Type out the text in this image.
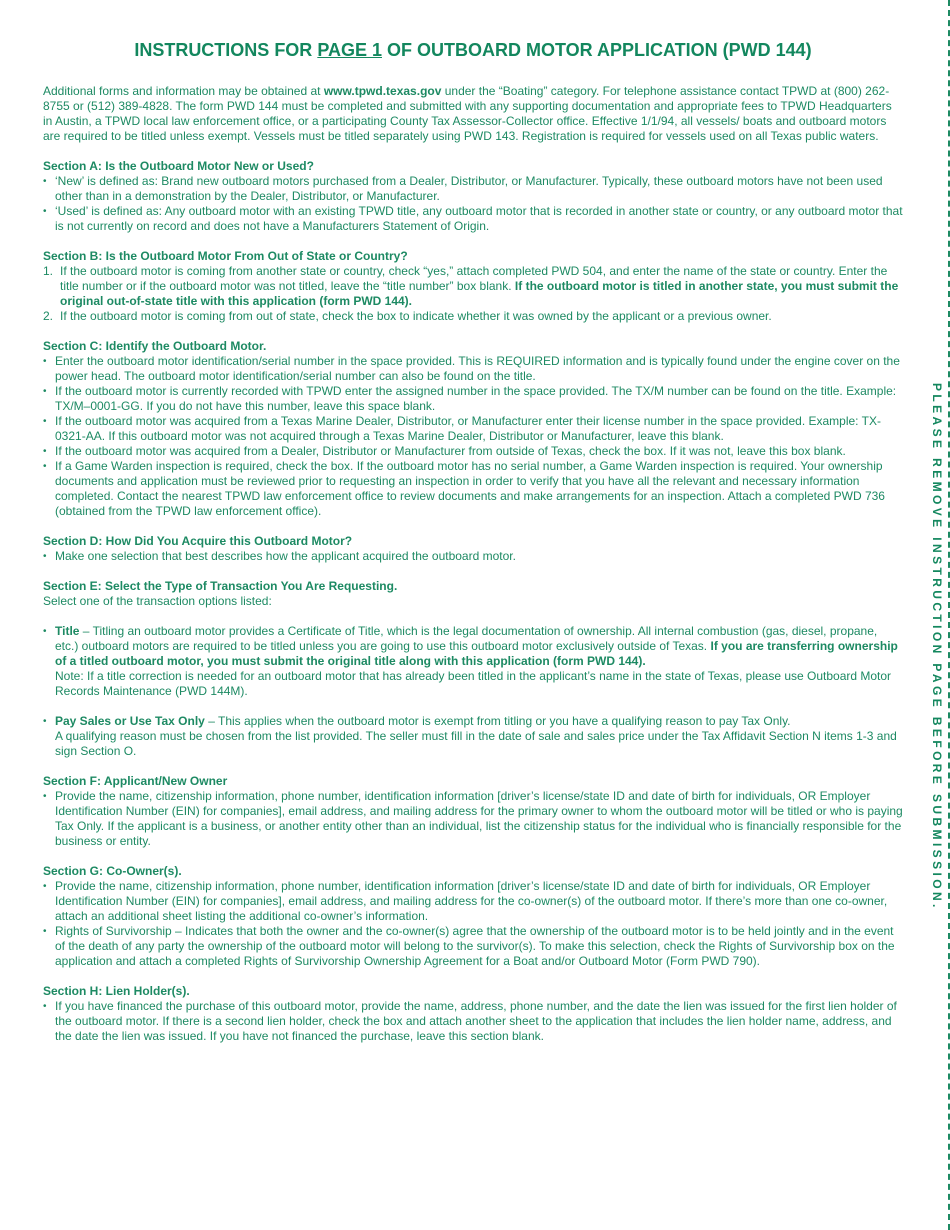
INSTRUCTIONS FOR PAGE 1 OF OUTBOARD MOTOR APPLICATION (PWD 144)

Additional forms and information may be obtained at www.tpwd.texas.gov under the “Boating” category. For telephone assistance contact TPWD at (800) 262-8755 or (512) 389-4828. The form PWD 144 must be completed and submitted with any supporting documentation and appropriate fees to TPWD Headquarters in Austin, a TPWD local law enforcement office, or a participating County Tax Assessor-Collector office. Effective 1/1/94, all vessels/ boats and outboard motors are required to be titled unless exempt. Vessels must be titled separately using PWD 143. Registration is required for vessels used on all Texas public waters.

Section A: Is the Outboard Motor New or Used?
• ‘New’ is defined as: Brand new outboard motors purchased from a Dealer, Distributor, or Manufacturer. Typically, these outboard motors have not been used other than in a demonstration by the Dealer, Distributor, or Manufacturer.
• ‘Used’ is defined as: Any outboard motor with an existing TPWD title, any outboard motor that is recorded in another state or country, or any outboard motor that is not currently on record and does not have a Manufacturers Statement of Origin.
Section B: Is the Outboard Motor From Out of State or Country?
1. If the outboard motor is coming from another state or country, check “yes,” attach completed PWD 504, and enter the name of the state or country. Enter the title number or if the outboard motor was not titled, leave the “title number” box blank. If the outboard motor is titled in another state, you must submit the original out-of-state title with this application (form PWD 144).
2. If the outboard motor is coming from out of state, check the box to indicate whether it was owned by the applicant or a previous owner.
Section C: Identify the Outboard Motor.
• Enter the outboard motor identification/serial number in the space provided. This is REQUIRED information and is typically found under the engine cover on the power head. The outboard motor identification/serial number can also be found on the title.
• If the outboard motor is currently recorded with TPWD enter the assigned number in the space provided. The TX/M number can be found on the title. Example: TX/M–0001-GG. If you do not have this number, leave this space blank.
• If the outboard motor was acquired from a Texas Marine Dealer, Distributor, or Manufacturer enter their license number in the space provided. Example: TX-0321-AA. If this outboard motor was not acquired through a Texas Marine Dealer, Distributor or Manufacturer, leave this blank.
• If the outboard motor was acquired from a Dealer, Distributor or Manufacturer from outside of Texas, check the box. If it was not, leave this box blank.
• If a Game Warden inspection is required, check the box. If the outboard motor has no serial number, a Game Warden inspection is required. Your ownership documents and application must be reviewed prior to requesting an inspection in order to verify that you have all the relevant and necessary information completed. Contact the nearest TPWD law enforcement office to review documents and make arrangements for an inspection. Attach a completed PWD 736 (obtained from the TPWD law enforcement office).
Section D: How Did You Acquire this Outboard Motor?
• Make one selection that best describes how the applicant acquired the outboard motor.
Section E: Select the Type of Transaction You Are Requesting.

Select one of the transaction options listed:

• Title – Titling an outboard motor provides a Certificate of Title, which is the legal documentation of ownership. All internal combustion (gas, diesel, propane, etc.) outboard motors are required to be titled unless you are going to use this outboard motor exclusively outside of Texas. If you are transferring ownership of a titled outboard motor, you must submit the original title along with this application (form PWD 144).
Note: If a title correction is needed for an outboard motor that has already been titled in the applicant’s name in the state of Texas, please use Outboard Motor Records Maintenance (PWD 144M).
• Pay Sales or Use Tax Only – This applies when the outboard motor is exempt from titling or you have a qualifying reason to pay Tax Only.
A qualifying reason must be chosen from the list provided. The seller must fill in the date of sale and sales price under the Tax Affidavit Section N items 1-3 and sign Section O.
Section F: Applicant/New Owner
• Provide the name, citizenship information, phone number, identification information [driver’s license/state ID and date of birth for individuals, OR Employer Identification Number (EIN) for companies], email address, and mailing address for the primary owner to whom the outboard motor will be titled or who is paying Tax Only. If the applicant is a business, or another entity other than an individual, list the citizenship status for the individual who is financially responsible for the business or entity.
Section G: Co-Owner(s).
• Provide the name, citizenship information, phone number, identification information [driver’s license/state ID and date of birth for individuals, OR Employer Identification Number (EIN) for companies], email address, and mailing address for the co-owner(s) of the outboard motor. If there’s more than one co-owner, attach an additional sheet listing the additional co-owner’s information.
• Rights of Survivorship – Indicates that both the owner and the co-owner(s) agree that the ownership of the outboard motor is to be held jointly and in the event of the death of any party the ownership of the outboard motor will belong to the survivor(s). To make this selection, check the Rights of Survivorship box on the application and attach a completed Rights of Survivorship Ownership Agreement for a Boat and/or Outboard Motor (Form PWD 790).
Section H: Lien Holder(s).
• If you have financed the purchase of this outboard motor, provide the name, address, phone number, and the date the lien was issued for the first lien holder of the outboard motor. If there is a second lien holder, check the box and attach another sheet to the application that includes the lien holder name, address, and the date the lien was issued. If you have not financed the purchase, leave this section blank.
PLEASE REMOVE INSTRUCTION PAGE BEFORE SUBMISSION.
